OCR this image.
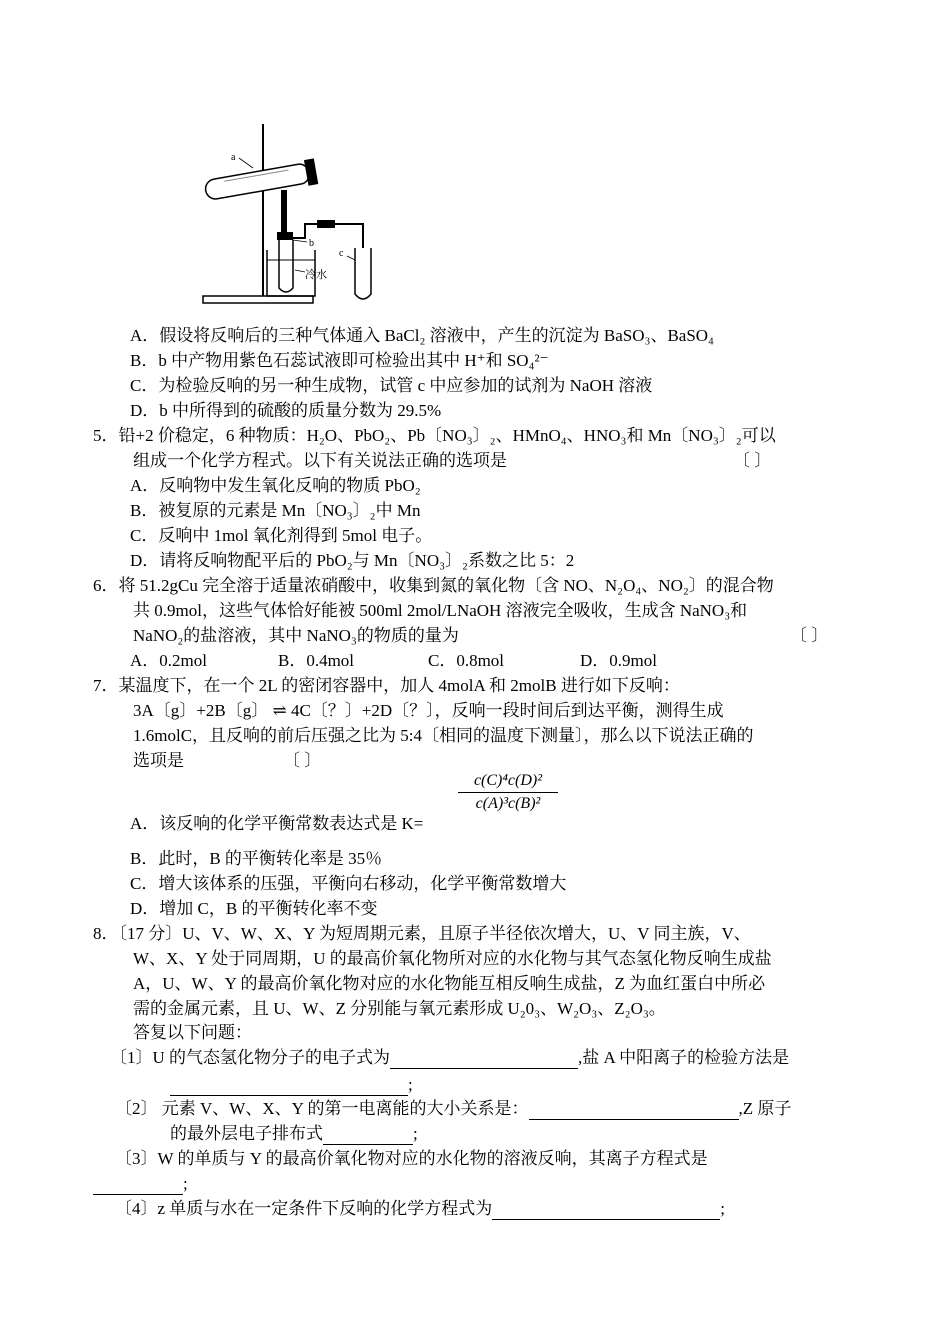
a
b
c
冷水
A．假设将反响后的三种气体通入 BaCl₂ 溶液中，产生的沉淀为 BaSO₃、BaSO₄
B．b 中产物用紫色石蕊试液即可检验出其中 H⁺和 SO₄²⁻
C．为检验反响的另一种生成物，试管 c 中应参加的试剂为 NaOH 溶液
D．b 中所得到的硫酸的质量分数为 29.5%
5．铅+2 价稳定，6 种物质：H₂O、PbO₂、Pb〔NO₃〕₂、HMnO₄、HNO₃和 Mn〔NO₃〕₂可以
组成一个化学方程式。以下有关说法正确的选项是	〔 〕
A．反响物中发生氧化反响的物质 PbO₂
B．被复原的元素是 Mn〔NO₃〕₂中 Mn
C．反响中 1mol 氧化剂得到 5mol 电子。
D．请将反响物配平后的 PbO₂与 Mn〔NO₃〕₂系数之比 5：2
6．将 51.2gCu 完全溶于适量浓硝酸中，收集到氮的氧化物〔含 NO、N₂O₄、NO₂〕的混合物
共 0.9mol，这些气体恰好能被 500ml 2mol/LNaOH 溶液完全吸收，生成含 NaNO₃和
NaNO₂的盐溶液，其中 NaNO₃的物质的量为	〔 〕
A．0.2mol	B．0.4mol	C．0.8mol	D．0.9mol
7．某温度下，在一个 2L 的密闭容器中，加人 4molA 和 2molB 进行如下反响：
3A〔g〕+2B〔g〕 ⇌ 4C〔？〕+2D〔？〕，反响一段时间后到达平衡，测得生成
1.6molC，且反响的前后压强之比为 5:4〔相同的温度下测量〕，那么以下说法正确的
选项是	〔 〕
A．该反响的化学平衡常数表达式是 K=
$\frac{\text{c(C)⁴c(D)²}}{\text{c(A)³c(B)²}}$
B．此时，B 的平衡转化率是 35％
C．增大该体系的压强，平衡向右移动，化学平衡常数增大
D．增加 C，B 的平衡转化率不变
8．〔17 分〕U、V、W、X、Y 为短周期元素，且原子半径依次增大，U、V 同主族，V、
W、X、Y 处于同周期，U 的最高价氧化物所对应的水化物与其气态氢化物反响生成盐
A，U、W、Y 的最高价氧化物对应的水化物能互相反响生成盐，Z 为血红蛋白中所必
需的金属元素，且 U、W、Z 分别能与氧元素形成 U₂0₃、W₂O₃、Z₂O₃。
答复以下问题：
〔1〕U 的气态氢化物分子的电子式为	,盐 A 中阳离子的检验方法是
;
〔2〕 元素 V、W、X、Y 的第一电离能的大小关系是：	,Z 原子
的最外层电子排布式	;
〔3〕W 的单质与 Y 的最高价氧化物对应的水化物的溶液反响，其离子方程式是
;
〔4〕z 单质与水在一定条件下反响的化学方程式为	;
